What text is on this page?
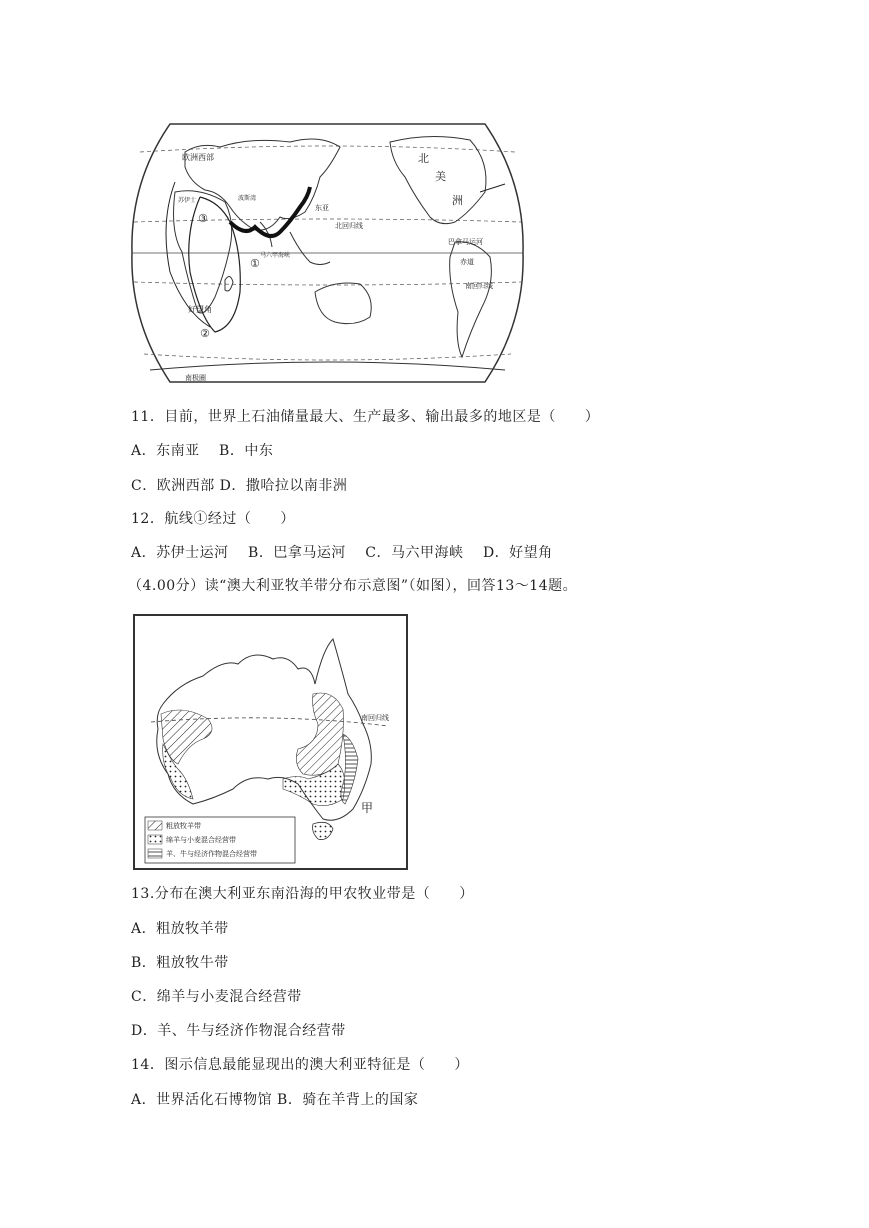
欧洲西部	北
美
洲
北回归线
巴拿马运河
赤道
南回归线
南极圈
好望角
马六甲海峡
波斯湾
东亚
苏伊士
①
②
③
11．目前，世界上石油储量最大、生产最多、输出最多的地区是（　　）
A．东南亚　 B．中东
C．欧洲西部 D．撒哈拉以南非洲
12．航线①经过（　　）
A．苏伊士运河　 B．巴拿马运河　 C．马六甲海峡　 D．好望角
（4.00分）读“澳大利亚牧羊带分布示意图”（如图），回答13～14题。
南回归线
甲
粗放牧羊带
绵羊与小麦混合经营带
羊、牛与经济作物混合经营带
13.分布在澳大利亚东南沿海的甲农牧业带是（　　）
A．粗放牧羊带
B．粗放牧牛带
C．绵羊与小麦混合经营带
D．羊、牛与经济作物混合经营带
14．图示信息最能显现出的澳大利亚特征是（　　）
A．世界活化石博物馆 B．骑在羊背上的国家
